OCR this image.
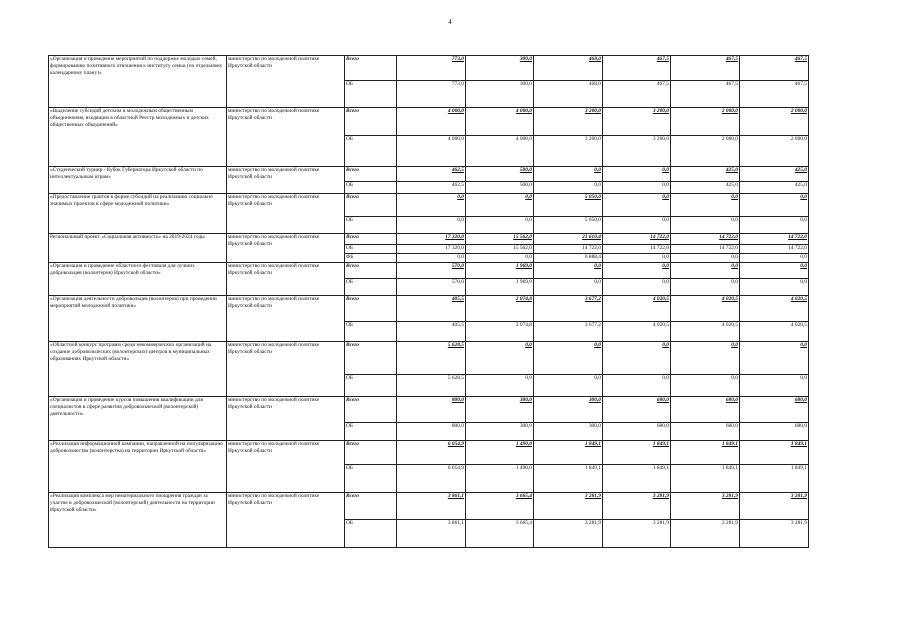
4
«Организация и проведение мероприятий по поддержке молодых семей, формированию позитивного отношения к институту семьи (по отдельному календарному плану)»	министерство по молодежной политике Иркутской области	Всего	773,0	300,0	468,0	467,5	467,5	467,5
		ОБ	773,0	300,0	468,0	467,5	467,5	467,5
«Выделение субсидий детским и молодежным общественным объединениям, входящим в областной Реестр молодежных и детских общественных объединений»	министерство по молодежной политике Иркутской области	Всего	4 000,0	4 000,0	3 200,0	3 200,0	2 000,0	2 000,0
		ОБ	4 000,0	4 000,0	3 200,0	3 200,0	2 000,0	2 000,0
«Студенческий турнир - Кубок Губернатора Иркутской области по интеллектуальным играм»	министерство по молодежной политике Иркутской области	Всего	462,5	500,0	0,0	0,0	425,0	425,0
		ОБ	462,5	500,0	0,0	0,0	425,0	425,0
«Предоставление грантов в форме субсидий на реализацию социально значимых проектов в сфере молодежной политики»	министерство по молодежной политике Иркутской области	Всего	0,0	0,0	5 050,0	0,0	0,0	0,0
		ОБ	0,0	0,0	5 050,0	0,0	0,0	0,0
Региональный проект «Социальная активность» на 2019-2024 годы	министерство по молодежной политике Иркутской области	Всего	17 320,0	15 562,0	21 610,4	14 722,0	14 722,0	14 722,0
		ОБ	17 320,0	15 562,0	14 722,0	14 722,0	14 722,0	14 722,0
		ФБ	0,0	0,0	6 888,4	0,0	0,0	0,0
«Организация и проведение областного фестиваля для лучших добровольцев (волонтеров) Иркутской области»	министерство по молодежной политике Иркутской области	Всего	570,0	1 969,0	0,0	0,0	0,0	0,0
		ОБ	570,0	1 969,0	0,0	0,0	0,0	0,0
«Организация деятельности добровольцев (волонтеров) при проведении мероприятий молодежной политики»	министерство по молодежной политике Иркутской области	Всего	405,5	2 074,8	3 677,2	4 020,5	4 020,5	4 020,5
		ОБ	405,5	2 074,8	3 677,2	4 020,5	4 020,5	4 020,5
«Областной конкурс программ среди некоммерческих организаций на создание добровольческих (волонтерских) центров в муниципальных образованиях Иркутской области»	министерство по молодежной политике Иркутской области	Всего	5 628,5	0,0	0,0	0,0	0,0	0,0
		ОБ	5 628,5	0,0	0,0	0,0	0,0	0,0
«Организация и проведение курсов повышения квалификации для специалистов в сфере развития добровольческой (волонтерской) деятельности»	министерство по молодежной политике Иркутской области	Всего	800,0	300,0	300,0	680,0	680,0	680,0
		ОБ	800,0	300,0	300,0	680,0	680,0	680,0
«Реализация информационной кампании, направленной на популяризацию добровольчества (волонтерства) на территории Иркутской области»	министерство по молодежной политике Иркутской области	Всего	6 054,9	1 490,0	1 849,1	1 849,1	1 849,1	1 849,1
		ОБ	6 054,9	1 490,0	1 849,1	1 849,1	1 849,1	1 849,1
«Реализация комплекса мер нематериального поощрения граждан за участие в добровольческой (волонтерской) деятельности на территории Иркутской области»	министерство по молодежной политике Иркутской области	Всего	3 861,1	3 665,4	3 281,9	3 281,9	3 281,9	3 281,9
		ОБ	3 861,1	3 665,4	3 281,9	3 281,9	3 281,9	3 281,9
